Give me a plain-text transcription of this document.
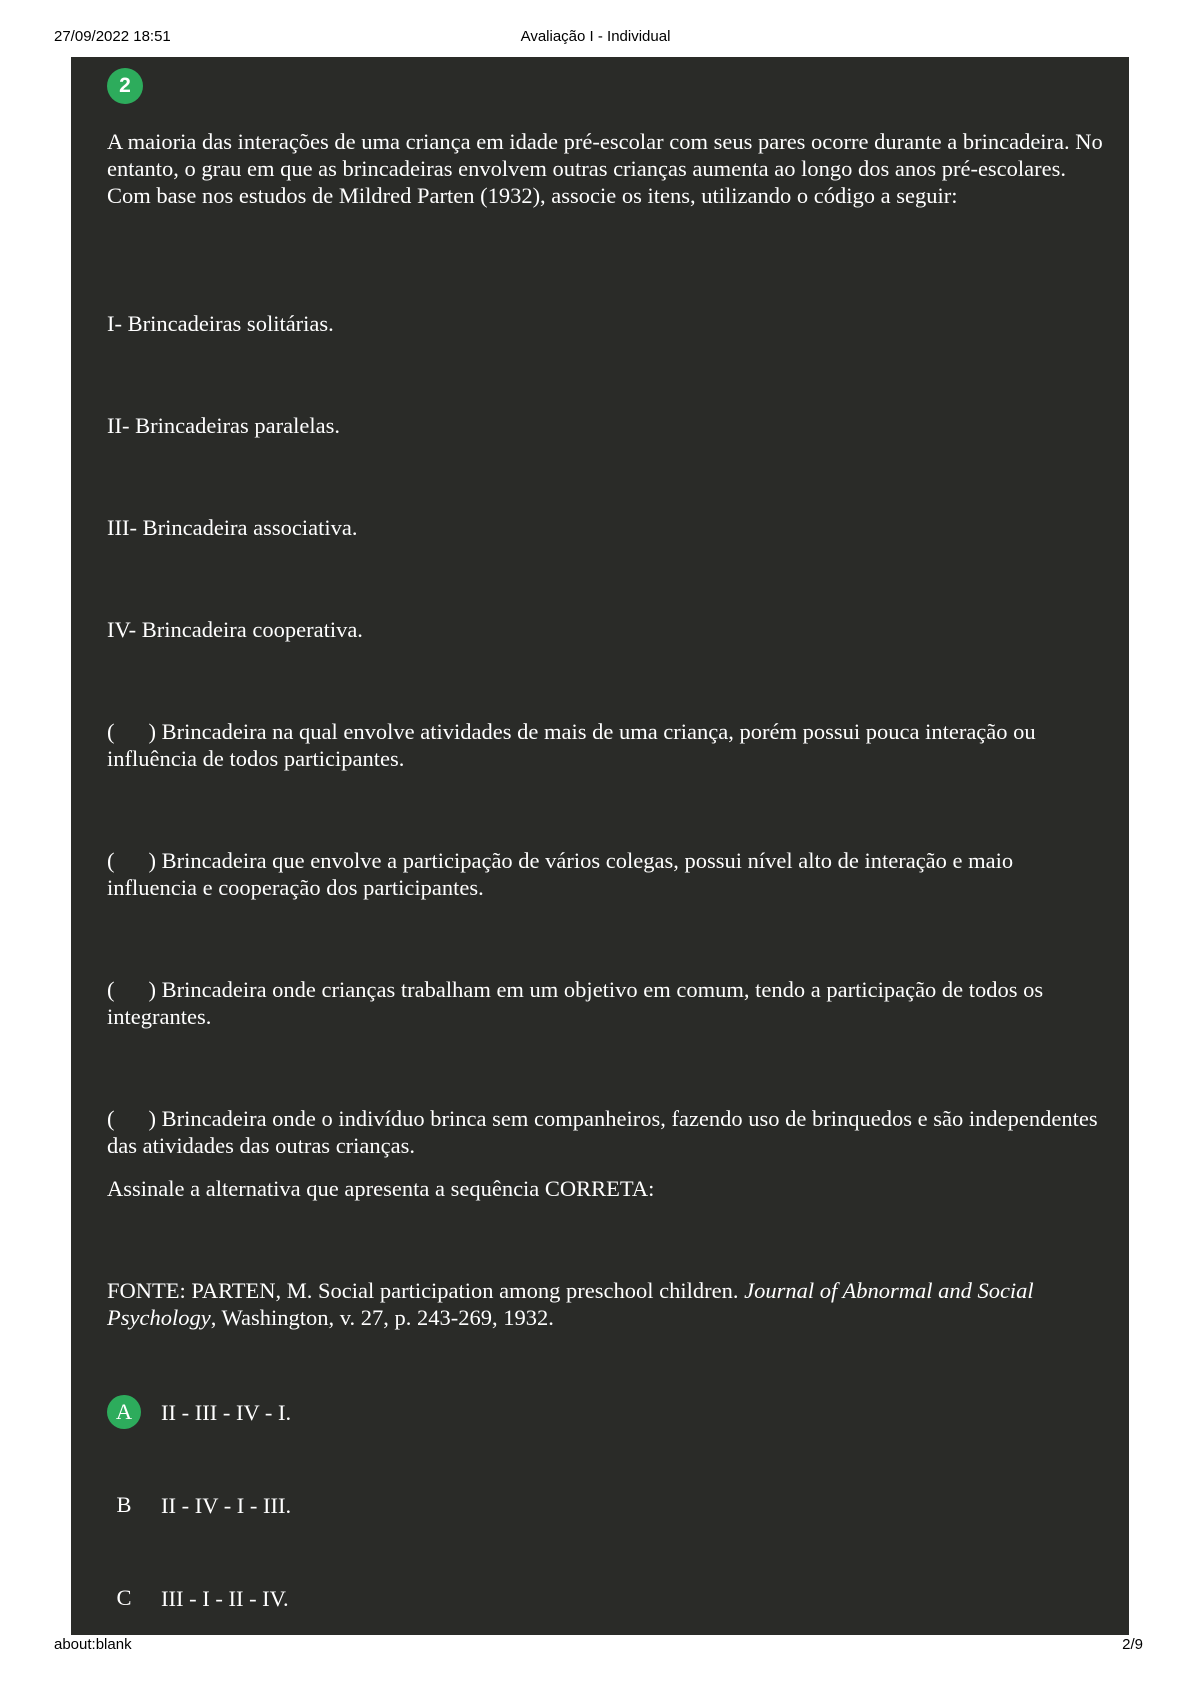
27/09/2022 18:51	Avaliação I - Individual
2

A maioria das interações de uma criança em idade pré-escolar com seus pares ocorre durante a brincadeira. No entanto, o grau em que as brincadeiras envolvem outras crianças aumenta ao longo dos anos pré-escolares. Com base nos estudos de Mildred Parten (1932), associe os itens, utilizando o código a seguir:

I- Brincadeiras solitárias.

II- Brincadeiras paralelas.

III- Brincadeira associativa.

IV- Brincadeira cooperativa.

( ) Brincadeira na qual envolve atividades de mais de uma criança, porém possui pouca interação ou influência de todos participantes.

( ) Brincadeira que envolve a participação de vários colegas, possui nível alto de interação e maio influencia e cooperação dos participantes.

( ) Brincadeira onde crianças trabalham em um objetivo em comum, tendo a participação de todos os integrantes.

( ) Brincadeira onde o indivíduo brinca sem companheiros, fazendo uso de brinquedos e são independentes das atividades das outras crianças.

Assinale a alternativa que apresenta a sequência CORRETA:

FONTE: PARTEN, M. Social participation among preschool children. Journal of Abnormal and Social Psychology, Washington, v. 27, p. 243-269, 1932.

A	II - III - IV - I.
B	II - IV - I - III.
C	III - I - II - IV.
about:blank	2/9
